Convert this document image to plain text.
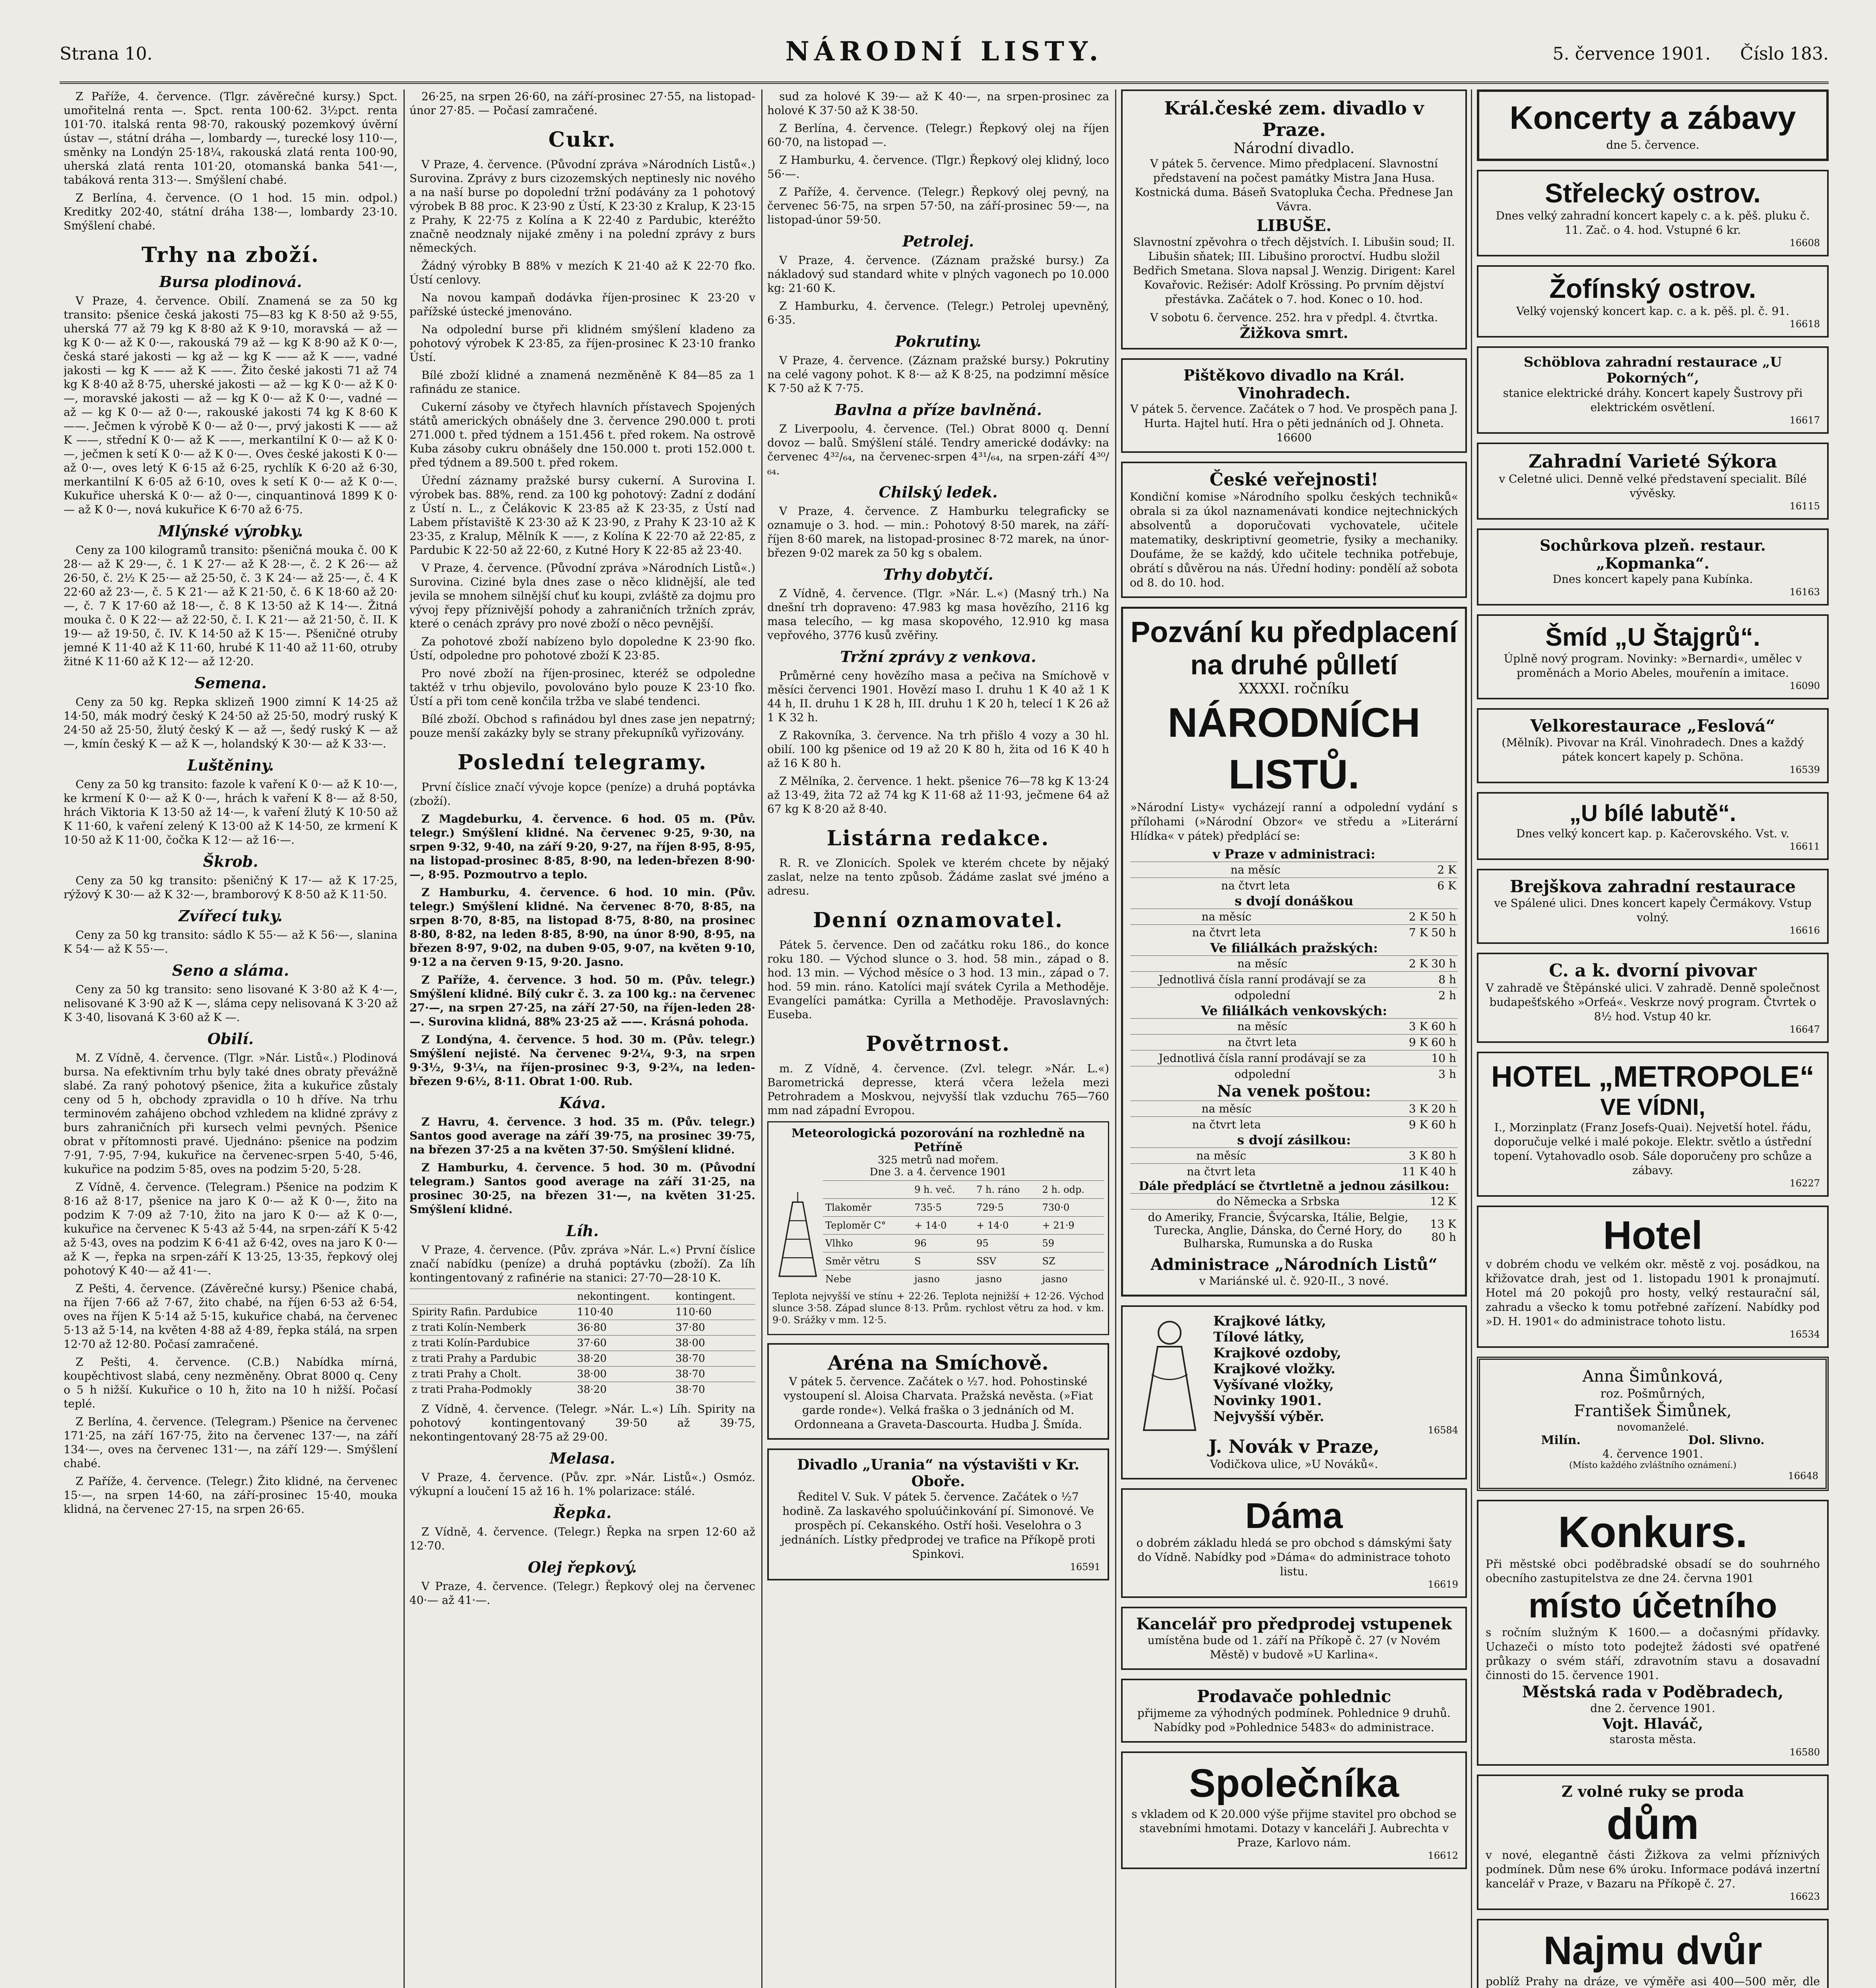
Strana 10.	NÁRODNÍ LISTY.	5. července 1901. Číslo 183.

Z Paříže, 4. července. (Tlgr. závěrečné kursy.) Spct. umořitelná renta —. Spct. renta 100·62. 3½pct. renta 101·70. italská renta 98·70, rakouský pozemkový úvěrní ústav —, státní dráha —, lombardy —, turecké losy 110·—, směnky na Londýn 25·18¼, rakouská zlatá renta 100·90, uherská zlatá renta 101·20, otomanská banka 541·—, tabáková renta 313·—. Smýšlení chabé.

Z Berlína, 4. července. (O 1 hod. 15 min. odpol.) Kreditky 202·40, státní dráha 138·—, lombardy 23·10. Smýšlení chabé.

Trhy na zboží.
Bursa plodinová.

V Praze, 4. července. Obilí. Znamená se za 50 kg transito: pšenice česká jakosti 75—83 kg K 8·50 až 9·55, uherská 77 až 79 kg K 8·80 až K 9·10, moravská — až — kg K 0·— až K 0·—, rakouská 79 až — kg K 8·90 až K 0·—, česká staré jakosti — kg až — kg K —— až K ——, vadné jakosti — kg K —— až K ——. Žito české jakosti 71 až 74 kg K 8·40 až 8·75, uherské jakosti — až — kg K 0·— až K 0·—, moravské jakosti — až — kg K 0·— až K 0·—, vadné — až — kg K 0·— až 0·—, rakouské jakosti 74 kg K 8·60 K ——. Ječmen k výrobě K 0·— až 0·—, prvý jakosti K —— až K ——, střední K 0·— až K ——, merkantilní K 0·— až K 0·—, ječmen k setí K 0·— až K 0·—. Oves české jakosti K 0·— až 0·—, oves letý K 6·15 až 6·25, rychlík K 6·20 až 6·30, merkantilní K 6·05 až 6·10, oves k setí K 0·— až K 0·—. Kukuřice uherská K 0·— až 0·—, cinquantinová 1899 K 0·— až K 0·—, nová kukuřice K 6·70 až 6·75.

Mlýnské výrobky.

Ceny za 100 kilogramů transito: pšeničná mouka č. 00 K 28·— až K 29·—, č. 1 K 27·— až K 28·—, č. 2 K 26·— až 26·50, č. 2½ K 25·— až 25·50, č. 3 K 24·— až 25·—, č. 4 K 22·60 až 23·—, č. 5 K 21·— až K 21·50, č. 6 K 18·60 až 20·—, č. 7 K 17·60 až 18·—, č. 8 K 13·50 až K 14·—. Žitná mouka č. 0 K 22·— až 22·50, č. I. K 21·— až 21·50, č. II. K 19·— až 19·50, č. IV. K 14·50 až K 15·—. Pšeničné otruby jemné K 11·40 až K 11·60, hrubé K 11·40 až 11·60, otruby žitné K 11·60 až K 12·— až 12·20.

Semena.

Ceny za 50 kg. Repka sklizeň 1900 zimní K 14·25 až 14·50, mák modrý český K 24·50 až 25·50, modrý ruský K 24·50 až 25·50, žlutý český K — až —, šedý ruský K — až —, kmín český K — až K —, holandský K 30·— až K 33·—.

Luštěniny.

Ceny za 50 kg transito: fazole k vaření K 0·— až K 10·—, ke krmení K 0·— až K 0·—, hrách k vaření K 8·— až 8·50, hrách Viktoria K 13·50 až 14·—, k vaření žlutý K 10·50 až K 11·60, k vaření zelený K 13·00 až K 14·50, ze krmení K 10·50 až K 11·00, čočka K 12·— až 16·—.

Škrob.

Ceny za 50 kg transito: pšeničný K 17·— až K 17·25, rýžový K 30·— až K 32·—, bramborový K 8·50 až K 11·50.

Zvířecí tuky.

Ceny za 50 kg transito: sádlo K 55·— až K 56·—, slanina K 54·— až K 55·—.

Seno a sláma.

Ceny za 50 kg transito: seno lisované K 3·80 až K 4·—, nelisované K 3·90 až K —, sláma cepy nelisovaná K 3·20 až K 3·40, lisovaná K 3·60 až K —.

Obilí.

M. Z Vídně, 4. července. (Tlgr. »Nár. Listů«.) Plodinová bursa. Na efektivním trhu byly také dnes obraty převážně slabé. Za raný pohotový pšenice, žita a kukuřice zůstaly ceny od 5 h, obchody zpravidla o 10 h dříve. Na trhu terminovém zahájeno obchod vzhledem na klidné zprávy z burs zahraničních při kursech velmi pevných. Pšenice obrat v přítomnosti pravé. Ujednáno: pšenice na podzim 7·91, 7·95, 7·94, kukuřice na červenec-srpen 5·40, 5·46, kukuřice na podzim 5·85, oves na podzim 5·20, 5·28.

Z Vídně, 4. července. (Telegram.) Pšenice na podzim K 8·16 až 8·17, pšenice na jaro K 0·— až K 0·—, žito na podzim K 7·09 až 7·10, žito na jaro K 0·— až K 0·—, kukuřice na červenec K 5·43 až 5·44, na srpen-září K 5·42 až 5·43, oves na podzim K 6·41 až 6·42, oves na jaro K 0·— až K —, řepka na srpen-září K 13·25, 13·35, řepkový olej pohotový K 40·— až 41·—.

Z Pešti, 4. července. (Závěrečné kursy.) Pšenice chabá, na říjen 7·66 až 7·67, žito chabé, na říjen 6·53 až 6·54, oves na říjen K 5·14 až 5·15, kukuřice chabá, na červenec 5·13 až 5·14, na květen 4·88 až 4·89, řepka stálá, na srpen 12·70 až 12·80. Počasí zamračené.

Z Pešti, 4. července. (C.B.) Nabídka mírná, koupěchtivost slabá, ceny nezměněny. Obrat 8000 q. Ceny o 5 h nižší. Kukuřice o 10 h, žito na 10 h nižší. Počasí teplé.

Z Berlína, 4. července. (Telegram.) Pšenice na červenec 171·25, na září 167·75, žito na červenec 137·—, na září 134·—, oves na červenec 131·—, na září 129·—. Smýšlení chabé.

Z Paříže, 4. července. (Telegr.) Žito klidné, na červenec 15·—, na srpen 14·60, na září-prosinec 15·40, mouka klidná, na červenec 27·15, na srpen 26·65.

26·25, na srpen 26·60, na září-prosinec 27·55, na listopad-únor 27·85. — Počasí zamračené.

Cukr.

V Praze, 4. července. (Původní zpráva »Národních Listů«.) Surovina. Zprávy z burs cizozemských neptinesly nic nového a na naší burse po dopolední tržní podávány za 1 pohotový výrobek B 88 proc. K 23·90 z Ústí, K 23·30 z Kralup, K 23·15 z Prahy, K 22·75 z Kolína a K 22·40 z Pardubic, kteréžto značně neodznaly nijaké změny i na polední zprávy z burs německých.

Žádný výrobky B 88% v mezích K 21·40 až K 22·70 fko. Ústí cenlovy.

Na novou kampaň dodávka říjen-prosinec K 23·20 v pařížské ústecké jmenováno.

Na odpolední burse při klidném smýšlení kladeno za pohotový výrobek K 23·85, za říjen-prosinec K 23·10 franko Ústí.

Bílé zboží klidné a znamená nezměněně K 84—85 za 1 rafinádu ze stanice.

Cukerní zásoby ve čtyřech hlavních přístavech Spojených států amerických obnášely dne 3. července 290.000 t. proti 271.000 t. před týdnem a 151.456 t. před rokem. Na ostrově Kuba zásoby cukru obnášely dne 150.000 t. proti 152.000 t. před týdnem a 89.500 t. před rokem.

Úřední záznamy pražské bursy cukerní. A Surovina I. výrobek bas. 88%, rend. za 100 kg pohotový: Zadní z dodání z Ústí n. L., z Čelákovic K 23·85 až K 23·35, z Ústí nad Labem přístaviště K 23·30 až K 23·90, z Prahy K 23·10 až K 23·35, z Kralup, Mělník K ——, z Kolína K 22·70 až 22·85, z Pardubic K 22·50 až 22·60, z Kutné Hory K 22·85 až 23·40.

V Praze, 4. července. (Původní zpráva »Národních Listů«.) Surovina. Ciziné byla dnes zase o něco klidnější, ale teď jevila se mnohem silnější chuť ku koupi, zvláště za dojmu pro vývoj řepy příznivější pohody a zahraničních tržních zpráv, které o cenách zprávy pro nové zboží o něco pevnější.

Za pohotové zboží nabízeno bylo dopoledne K 23·90 fko. Ústí, odpoledne pro pohotové zboží K 23·85.

Pro nové zboží na říjen-prosinec, kteréž se odpoledne taktéž v trhu objevilo, povolováno bylo pouze K 23·10 fko. Ústí a při tom ceně končila tržba ve slabé tendenci.

Bílé zboží. Obchod s rafinádou byl dnes zase jen nepatrný; pouze menší zakázky byly se strany překupníků vyřizovány.

Poslední telegramy.

První číslice značí vývoje kopce (peníze) a druhá poptávka (zboží).

Z Magdeburku, 4. července. 6 hod. 05 m. (Pův. telegr.) Smýšlení klidné. Na červenec 9·25, 9·30, na srpen 9·32, 9·40, na září 9·20, 9·27, na říjen 8·95, 8·95, na listopad-prosinec 8·85, 8·90, na leden-březen 8·90·—, 8·95. Pozmoutrvo a teplo.

Z Hamburku, 4. července. 6 hod. 10 min. (Pův. telegr.) Smýšlení klidné. Na červenec 8·70, 8·85, na srpen 8·70, 8·85, na listopad 8·75, 8·80, na prosinec 8·80, 8·82, na leden 8·85, 8·90, na únor 8·90, 8·95, na březen 8·97, 9·02, na duben 9·05, 9·07, na květen 9·10, 9·12 a na červen 9·15, 9·20. Jasno.

Z Paříže, 4. července. 3 hod. 50 m. (Pův. telegr.) Smýšlení klidné. Bílý cukr č. 3. za 100 kg.: na červenec 27·—, na srpen 27·25, na září 27·50, na říjen-leden 28·—. Surovina klidná, 88% 23·25 až ——. Krásná pohoda.

Z Londýna, 4. července. 5 hod. 30 m. (Pův. telegr.) Smýšlení nejisté. Na červenec 9·2¼, 9·3, na srpen 9·3½, 9·3¼, na říjen-prosinec 9·3, 9·2¾, na leden-březen 9·6½, 8·11. Obrat 1·00. Rub.

Káva.

Z Havru, 4. července. 3 hod. 35 m. (Pův. telegr.) Santos good average na září 39·75, na prosinec 39·75, na březen 37·25 a na květen 37·50. Smýšlení klidné.

Z Hamburku, 4. července. 5 hod. 30 m. (Původní telegram.) Santos good average na září 31·25, na prosinec 30·25, na březen 31·—, na květen 31·25. Smýšlení klidné.

Líh.

V Praze, 4. července. (Pův. zpráva »Nár. L.«) První číslice značí nabídku (peníze) a druhá poptávku (zboží). Za líh kontingentovaný z rafinérie na stanici: 27·70—28·10 K.

	nekontingent.	kontingent.
Spirity Rafin. Pardubice	110·40	110·60
z trati Kolín-Nemberk	36·80	37·80
z trati Kolín-Pardubice	37·60	38·00
z trati Prahy a Pardubic	38·20	38·70
z trati Prahy a Cholt.	38·00	38·70
z trati Praha-Podmokly	38·20	38·70

Z Vídně, 4. července. (Telegr. »Nár. L.«) Líh. Spirity na pohotový kontingentovaný 39·50 až 39·75, nekontingentovaný 28·75 až 29·00.

Melasa.

V Praze, 4. července. (Pův. zpr. »Nár. Listů«.) Osmóz. výkupní a loučení 15 až 16 h. 1% polarizace: stálé.

Řepka.

Z Vídně, 4. července. (Telegr.) Řepka na srpen 12·60 až 12·70.

Olej řepkový.

V Praze, 4. července. (Telegr.) Řepkový olej na červenec 40·— až 41·—.

sud za holové K 39·— až K 40·—, na srpen-prosinec za holové K 37·50 až K 38·50.

Z Berlína, 4. července. (Telegr.) Řepkový olej na říjen 60·70, na listopad —.

Z Hamburku, 4. července. (Tlgr.) Řepkový olej klidný, loco 56·—.

Z Paříže, 4. července. (Telegr.) Řepkový olej pevný, na červenec 56·75, na srpen 57·50, na září-prosinec 59·—, na listopad-únor 59·50.

Petrolej.

V Praze, 4. července. (Záznam pražské bursy.) Za nákladový sud standard white v plných vagonech po 10.000 kg: 21·60 K.

Z Hamburku, 4. července. (Telegr.) Petrolej upevněný, 6·35.

Pokrutiny.

V Praze, 4. července. (Záznam pražské bursy.) Pokrutiny na celé vagony pohot. K 8·— až K 8·25, na podzimní měsíce K 7·50 až K 7·75.

Bavlna a příze bavlněná.

Z Liverpoolu, 4. července. (Tel.) Obrat 8000 q. Denní dovoz — balů. Smýšlení stálé. Tendry americké dodávky: na červenec 4³²/₆₄, na červenec-srpen 4³¹/₆₄, na srpen-září 4³⁰/₆₄.

Chilský ledek.

V Praze, 4. července. Z Hamburku telegraficky se oznamuje o 3. hod. — min.: Pohotový 8·50 marek, na září-říjen 8·60 marek, na listopad-prosinec 8·72 marek, na únor-březen 9·02 marek za 50 kg s obalem.

Trhy dobytčí.

Z Vídně, 4. července. (Tlgr. »Nár. L.«) (Masný trh.) Na dnešní trh dopraveno: 47.983 kg masa hovězího, 2116 kg masa telecího, — kg masa skopového, 12.910 kg masa vepřového, 3776 kusů zvěřiny.

Tržní zprávy z venkova.

Průměrné ceny hovězího masa a pečiva na Smíchově v měsíci červenci 1901. Hovězí maso I. druhu 1 K 40 až 1 K 44 h, II. druhu 1 K 28 h, III. druhu 1 K 20 h, telecí 1 K 26 až 1 K 32 h.

Z Rakovníka, 3. července. Na trh přišlo 4 vozy a 30 hl. obilí. 100 kg pšenice od 19 až 20 K 80 h, žita od 16 K 40 h až 16 K 80 h.

Z Mělníka, 2. července. 1 hekt. pšenice 76—78 kg K 13·24 až 13·49, žita 72 až 74 kg K 11·68 až 11·93, ječmene 64 až 67 kg K 8·20 až 8·40.

Listárna redakce.

R. R. ve Zlonicích. Spolek ve kterém chcete by nějaký zaslat, nelze na tento způsob. Žádáme zaslat své jméno a adresu.

Denní oznamovatel.

Pátek 5. července. Den od začátku roku 186., do konce roku 180. — Východ slunce o 3. hod. 58 min., západ o 8. hod. 13 min. — Východ měsíce o 3 hod. 13 min., západ o 7. hod. 59 min. ráno. Katolíci mají svátek Cyrila a Methoděje. Evangelíci památka: Cyrilla a Methoděje. Pravoslavných: Euseba.

Povětrnost.

m. Z Vídně, 4. července. (Zvl. telegr. »Nár. L.«) Barometrická depresse, která včera ležela mezi Petrohradem a Moskvou, nejvyšší tlak vzduchu 765—760 mm nad západní Evropou.

Meteorologická pozorování na rozhledně na Petříně
325 metrů nad mořem.
Dne 3. a 4. července 1901
	9 h. več.	7 h. ráno	2 h. odp.
Tlakoměr	735·5	729·5	730·0
Teploměr C°	+ 14·0	+ 14·0	+ 21·9
Vlhko	96	95	59
Směr větru	S	SSV	SZ
Nebe	jasno	jasno	jasno

Teplota nejvyšší ve stínu + 22·26. Teplota nejnižší + 12·26. Východ slunce 3·58. Západ slunce 8·13. Prům. rychlost větru za hod. v km. 9·0. Srážky v mm. 12·5.

Aréna na Smíchově.
V pátek 5. července. Začátek o ½7. hod. Pohostinské vystoupení sl. Aloisa Charvata. Pražská nevěsta. (»Fiat garde ronde«). Velká fraška o 3 jednáních od M. Ordonneana a Graveta-Dascourta. Hudba J. Šmída.
Divadlo „Urania“ na výstavišti v Kr. Oboře.
Ředitel V. Suk. V pátek 5. července. Začátek o ½7 hodině. Za laskavého spoluúčinkování pí. Simonové. Ve prospěch pí. Cekanského. Ostří hoši. Veselohra o 3 jednáních. Lístky předprodej ve trafice na Příkopě proti Spinkovi.
16591
Král.české zem. divadlo v Praze.
Národní divadlo.
V pátek 5. července. Mimo předplacení. Slavnostní představení na počest památky Mistra Jana Husa. Kostnická duma. Báseň Svatopluka Čecha. Přednese Jan Vávra.
LIBUŠE.
Slavnostní zpěvohra o třech dějstvích. I. Libušin soud; II. Libušin sňatek; III. Libušino proroctví. Hudbu složil Bedřich Smetana. Slova napsal J. Wenzig. Dirigent: Karel Kovařovic. Režisér: Adolf Krössing. Po prvním dějství přestávka. Začátek o 7. hod. Konec o 10. hod.
V sobotu 6. července. 252. hra v předpl. 4. čtvrtka.
Žižkova smrt.
Pištěkovo divadlo na Král. Vinohradech.
V pátek 5. července. Začátek o 7 hod. Ve prospěch pana J. Hurta. Hajtel hutí. Hra o pěti jednáních od J. Ohneta. 16600
České veřejnosti!
Kondiční komise »Národního spolku českých techniků« obrala si za úkol naznamenávati kondice nejtechnických absolventů a doporučovati vychovatele, učitele matematiky, deskriptivní geometrie, fysiky a mechaniky. Doufáme, že se každý, kdo učitele technika potřebuje, obrátí s důvěrou na nás. Úřední hodiny: pondělí až sobota od 8. do 10. hod.
Pozvání ku předplacení
na druhé půlletí
XXXXI. ročníku
NÁRODNÍCH LISTŮ.
»Národní Listy« vycházejí ranní a odpolední vydání s přílohami (»Národní Obzor« ve středu a »Literární Hlídka« v pátek) předplácí se:
v Praze v administraci:
na měsíc	2 K
na čtvrt leta	6 K
s dvojí donáškou
na měsíc	2 K 50 h
na čtvrt leta	7 K 50 h
Ve filiálkách pražských:
na měsíc	2 K 30 h
Jednotlivá čísla ranní prodávají se za	8 h
odpolední	2 h
Ve filiálkách venkovských:
na měsíc	3 K 60 h
na čtvrt leta	9 K 60 h
Jednotlivá čísla ranní prodávají se za	10 h
odpolední	3 h
Na venek poštou:
na měsíc	3 K 20 h
na čtvrt leta	9 K 60 h
s dvojí zásilkou:
na měsíc	3 K 80 h
na čtvrt leta	11 K 40 h
Dále předplácí se čtvrtletně a jednou zásilkou:
do Německa a Srbska	12 K
do Ameriky, Francie, Švýcarska, Itálie, Belgie, Turecka, Anglie, Dánska, do Černé Hory, do Bulharska, Rumunska a do Ruska	13 K 80 h
Administrace „Národních Listů“
v Mariánské ul. č. 920-II., 3 nové.
Krajkové látky,
Tílové látky,
Krajkové ozdoby,
Krajkové vložky.
Vyšívané vložky,
Novinky 1901.
Nejvyšší výběr.
16584
J. Novák v Praze,
Vodičkova ulice, »U Nováků«.
Dáma
o dobrém základu hledá se pro obchod s dámskými šaty do Vídně. Nabídky pod »Dáma« do administrace tohoto listu.
16619
Kancelář pro předprodej vstupenek
umístěna bude od 1. září na Příkopě č. 27 (v Novém Městě) v budově »U Karlina«.
Prodavače pohlednic
přijmeme za výhodných podmínek. Pohlednice 9 druhů. Nabídky pod »Pohlednice 5483« do administrace.
Společníka
s vkladem od K 20.000 výše přijme stavitel pro obchod se stavebními hmotami. Dotazy v kanceláři J. Aubrechta v Praze, Karlovo nám.
16612
Koncerty a zábavy
dne 5. července.
Střelecký ostrov.
Dnes velký zahradní koncert kapely c. a k. pěš. pluku č. 11. Zač. o 4. hod. Vstupné 6 kr.
16608
Žofínský ostrov.
Velký vojenský koncert kap. c. a k. pěš. pl. č. 91.
16618
Schöblova zahradní restaurace „U Pokorných“,
stanice elektrické dráhy. Koncert kapely Šustrovy při elektrickém osvětlení.
16617
Zahradní Varieté Sýkora
v Celetné ulici. Denně velké představení specialit. Bílé vývěsky.
16115
Sochůrkova plzeň. restaur. „Kopmanka“.
Dnes koncert kapely pana Kubínka.
16163
Šmíd „U Štajgrů“.
Úplně nový program. Novinky: »Bernardi«, umělec v proměnách a Morio Abeles, mouřenín a imitace.
16090
Velkorestaurace „Feslová“
(Mělník). Pivovar na Král. Vinohradech. Dnes a každý pátek koncert kapely p. Schöna.
16539
„U bílé labutě“.
Dnes velký koncert kap. p. Kačerovského. Vst. v.
16611
Brejškova zahradní restaurace
ve Spálené ulici. Dnes koncert kapely Čermákovy. Vstup volný.
16616
C. a k. dvorní pivovar
V zahradě ve Štěpánské ulici. V zahradě. Denně společnost budapešťského »Orfeá«. Veskrze nový program. Čtvrtek o 8½ hod. Vstup 40 kr.
16647
HOTEL „METROPOLE“
VE VÍDNI,
I., Morzinplatz (Franz Josefs-Quai). Nejvetší hotel. řádu, doporučuje velké i malé pokoje. Elektr. světlo a ústřední topení. Vytahovadlo osob. Sále doporučeny pro schůze a zábavy.
16227
Hotel
v dobrém chodu ve velkém okr. městě z voj. posádkou, na křižovatce drah, jest od 1. listopadu 1901 k pronajmutí. Hotel má 20 pokojů pro hosty, velký restaurační sál, zahradu a všecko k tomu potřebné zařízení. Nabídky pod »D. H. 1901« do administrace tohoto listu.
16534
Anna Šimůnková,
roz. Pošmůrných,
František Šimůnek,
novomanželé.
Milín.	Dol. Slivno.
4. července 1901.
(Místo každého zvláštního oznámení.)
16648
Konkurs.
Při městské obci poděbradské obsadí se do souhrného obecního zastupitelstva ze dne 24. června 1901
místo účetního
s ročním služným K 1600.— a dočasnými přídavky. Uchazeči o místo toto podejtež žádosti své opatřené průkazy o svém stáří, zdravotním stavu a dosavadní činnosti do 15. července 1901.
Městská rada v Poděbradech,
dne 2. července 1901.
Vojt. Hlaváč,
starosta města.
16580
Z volné ruky se proda
dům
v nové, elegantně části Žižkova za velmi příznivých podmínek. Dům nese 6% úroku. Informace podává inzertní kancelář v Praze, v Bazaru na Příkopě č. 27.
16623
Najmu dvůr
poblíž Prahy na dráze, ve výměře asi 400—500 měr, dle
